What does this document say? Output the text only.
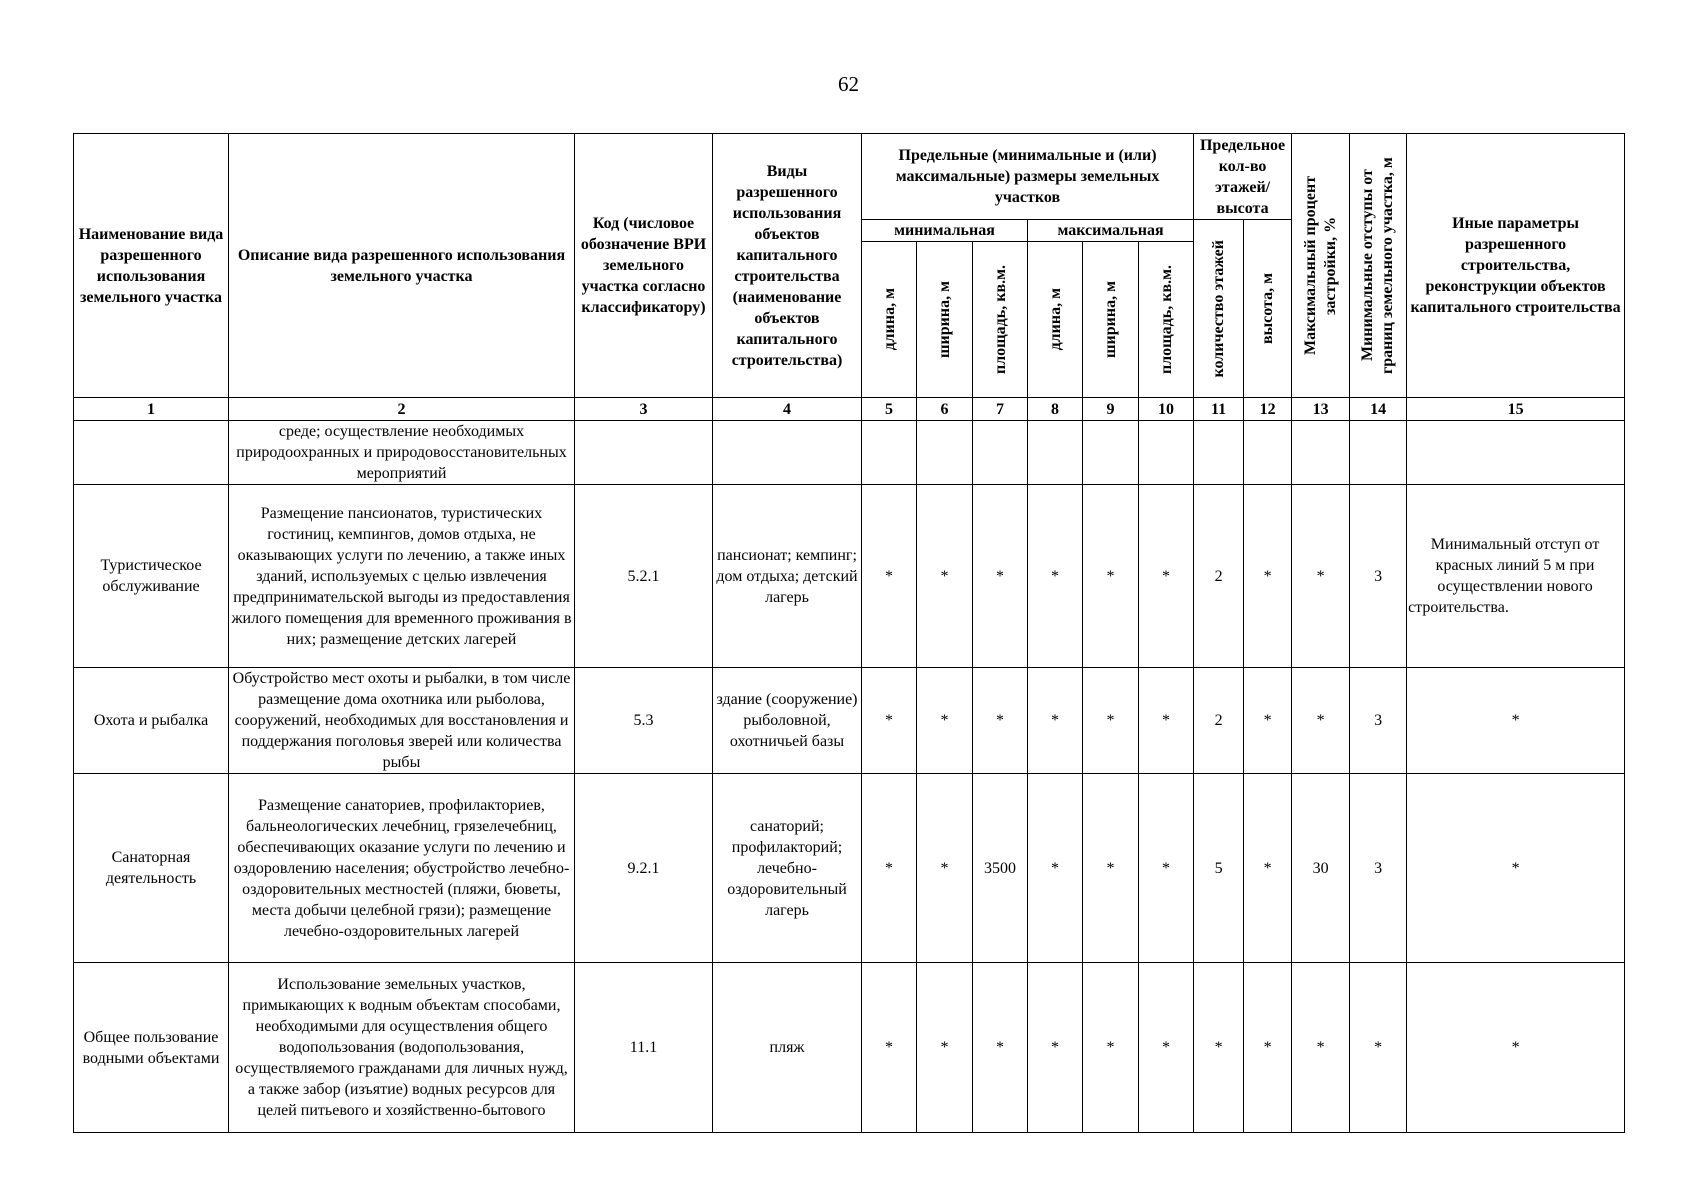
62
Наименование вида разрешенного использования земельного участка	Описание вида разрешенного использования земельного участка	Код (числовое обозначение ВРИ земельного участка согласно классификатору)	Виды разрешенного использования объектов капитального строительства (наименование объектов капитального строительства)	Предельные (минимальные и (или) максимальные) размеры земельных участков						Предельное кол-во этажей/ высота		Максимальный процент застройки, %	Минимальные отступы от границ земельного участка, м	Иные параметры разрешенного строительства, реконструкции объектов капитального строительства
				минимальная			максимальная			количество этажей	высота, м			

				длина, м	ширина, м	площадь, кв.м.	длина, м	ширина, м	площадь, кв.м.					

1	2	3	4	5	6	7	8	9	10	11	12	13	14	15
	среде; осуществление необходимых природоохранных и природовосстановительных мероприятий													
Туристическое обслуживание	Размещение пансионатов, туристических гостиниц, кемпингов, домов отдыха, не оказывающих услуги по лечению, а также иных зданий, используемых с целью извлечения предпринимательской выгоды из предоставления жилого помещения для временного проживания в них; размещение детских лагерей	5.2.1	пансионат; кемпинг; дом отдыха; детский лагерь	*	*	*	*	*	*	2	*	*	3	Минимальный отступ от красных линий 5 м при осуществлении нового строительства.
Охота и рыбалка	Обустройство мест охоты и рыбалки, в том числе размещение дома охотника или рыболова, сооружений, необходимых для восстановления и поддержания поголовья зверей или количества рыбы	5.3	здание (сооружение) рыболовной, охотничьей базы	*	*	*	*	*	*	2	*	*	3	*
Санаторная деятельность	Размещение санаториев, профилакториев, бальнеологических лечебниц, грязелечебниц, обеспечивающих оказание услуги по лечению и оздоровлению населения; обустройство лечебно-оздоровительных местностей (пляжи, бюветы, места добычи целебной грязи); размещение лечебно-оздоровительных лагерей	9.2.1	санаторий; профилакторий; лечебно-оздоровительный лагерь	*	*	3500	*	*	*	5	*	30	3	*
Общее пользование водными объектами	Использование земельных участков, примыкающих к водным объектам способами, необходимыми для осуществления общего водопользования (водопользования, осуществляемого гражданами для личных нужд, а также забор (изъятие) водных ресурсов для целей питьевого и хозяйственно-бытового	11.1	пляж	*	*	*	*	*	*	*	*	*	*	*
